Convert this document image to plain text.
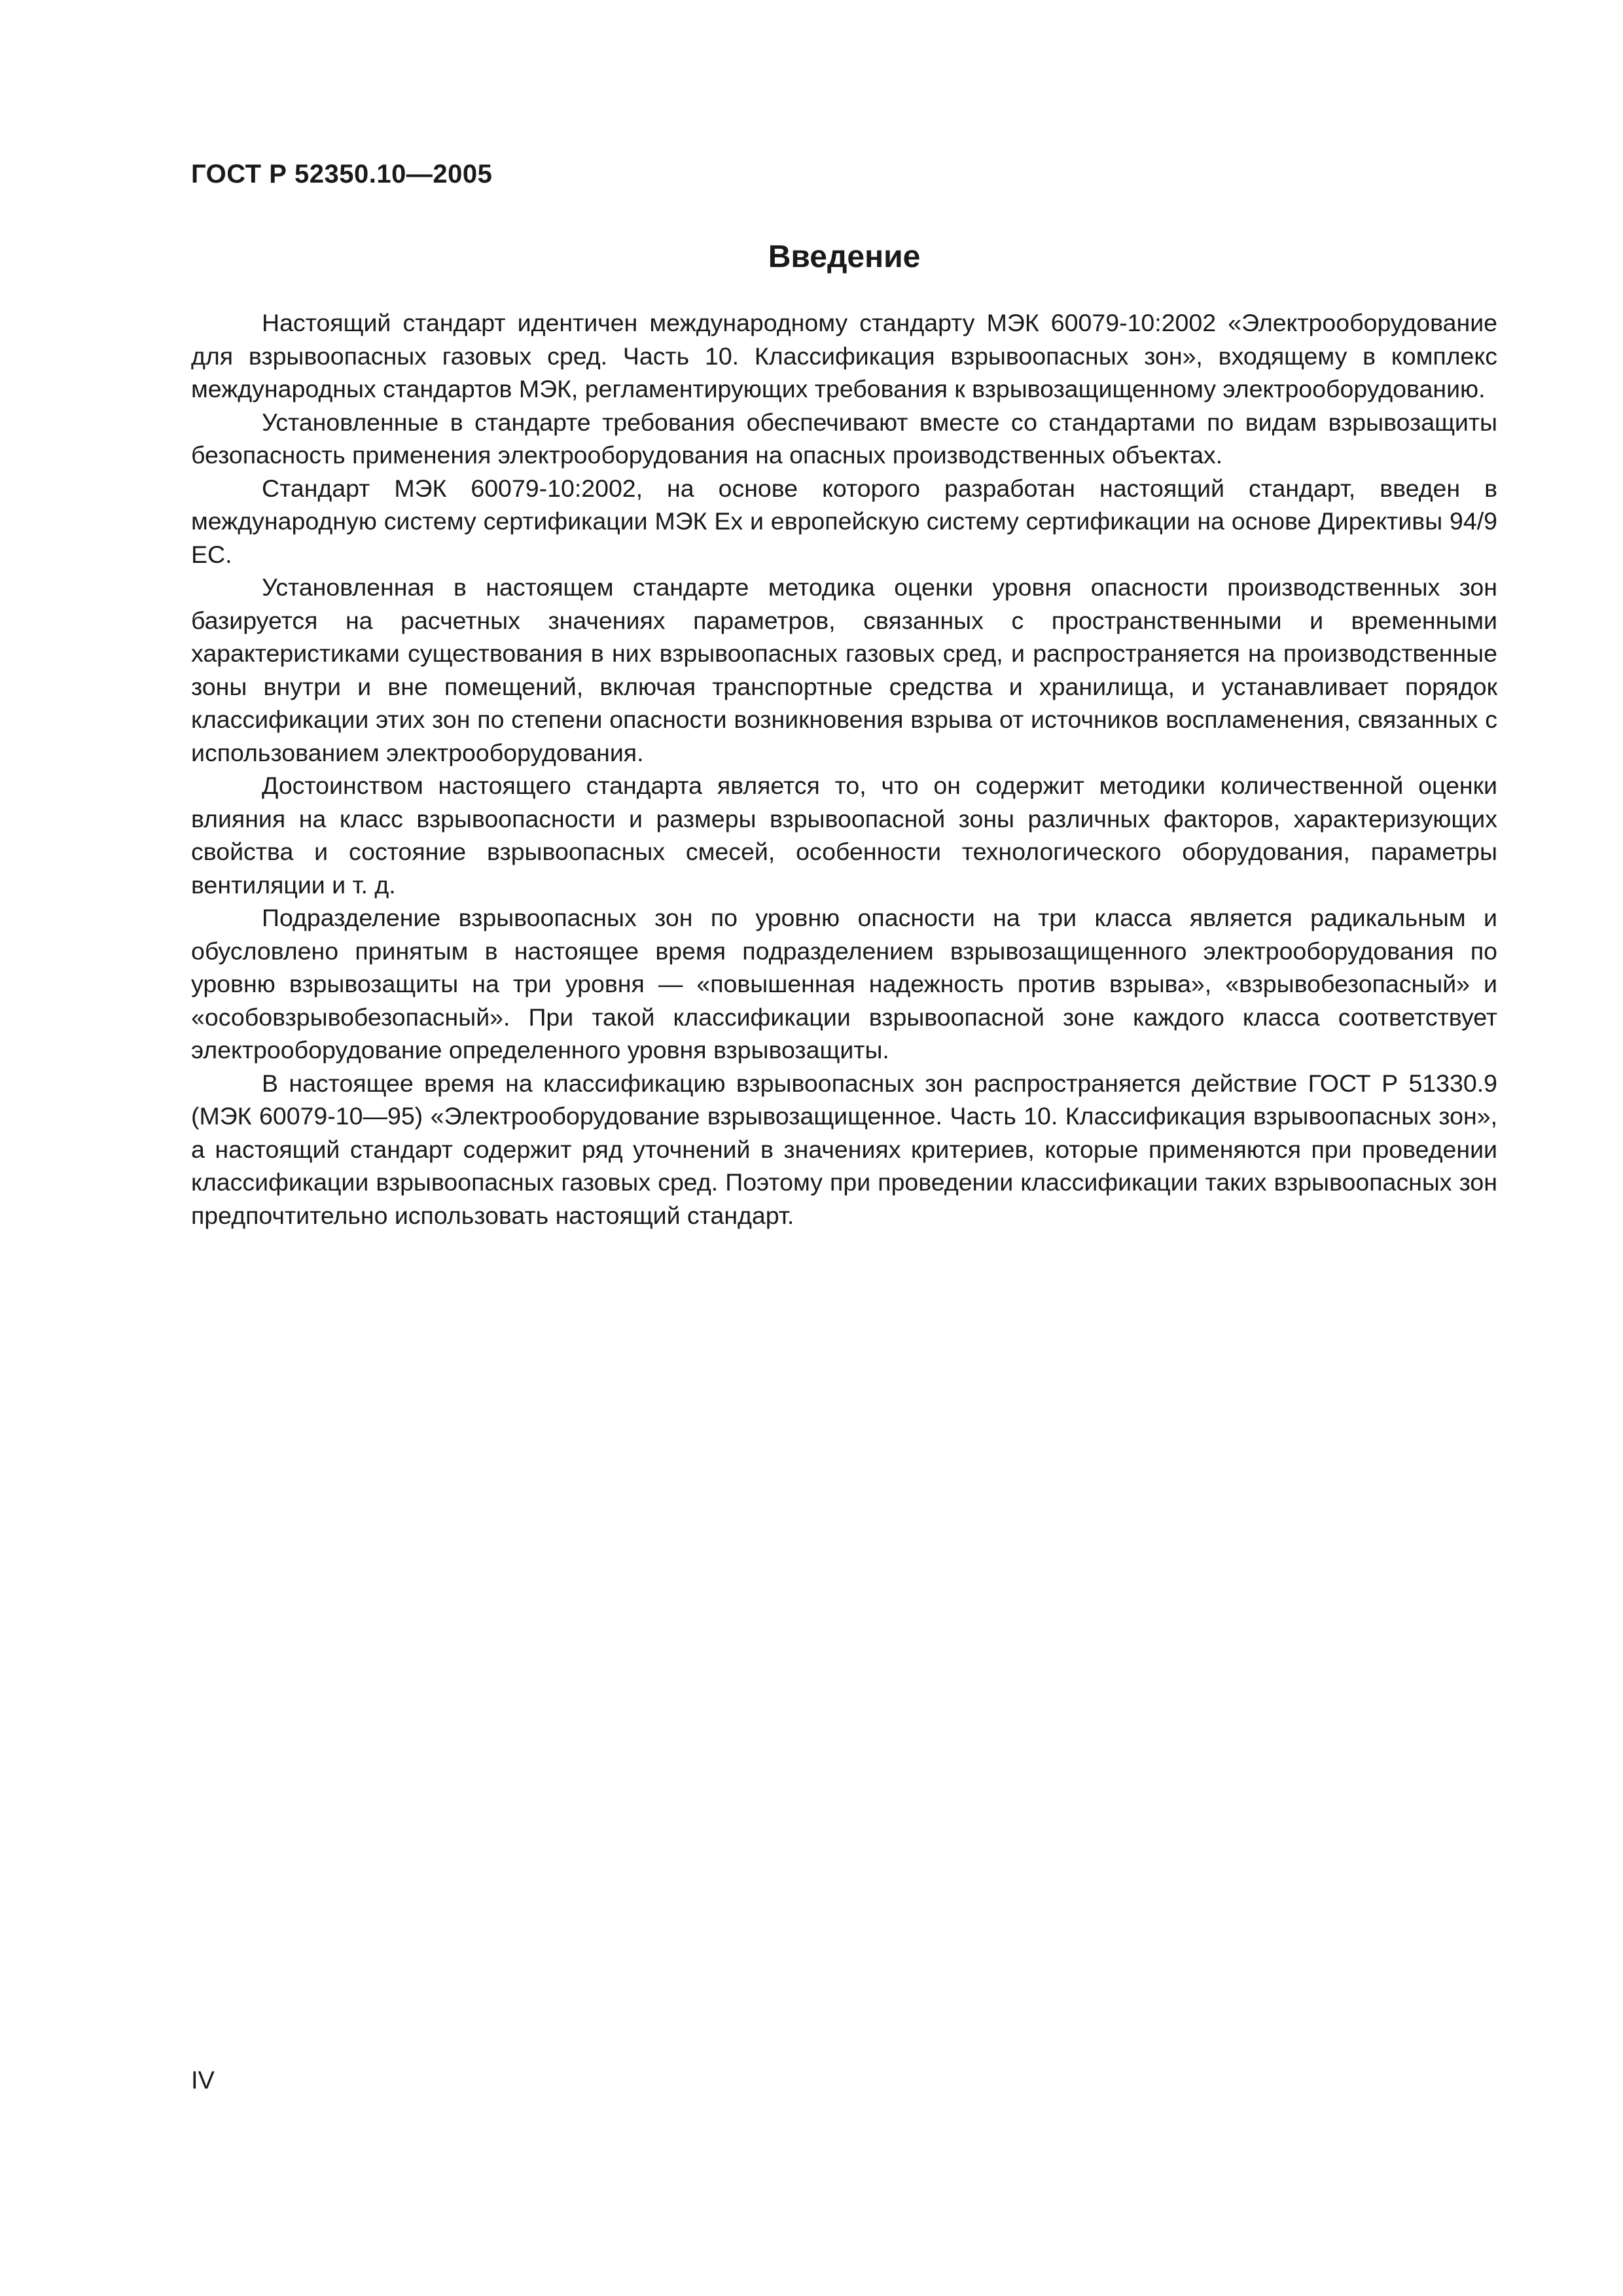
ГОСТ Р 52350.10—2005
Введение

Настоящий стандарт идентичен международному стандарту МЭК 60079-10:2002 «Электрооборудование для взрывоопасных газовых сред. Часть 10. Классификация взрывоопасных зон», входящему в комплекс международных стандартов МЭК, регламентирующих требования к взрывозащищенному электрооборудованию.

Установленные в стандарте требования обеспечивают вместе со стандартами по видам взрывозащиты безопасность применения электрооборудования на опасных производственных объектах.

Стандарт МЭК 60079-10:2002, на основе которого разработан настоящий стандарт, введен в международную систему сертификации МЭК Ex и европейскую систему сертификации на основе Директивы 94/9 ЕС.

Установленная в настоящем стандарте методика оценки уровня опасности производственных зон базируется на расчетных значениях параметров, связанных с пространственными и временными характеристиками существования в них взрывоопасных газовых сред, и распространяется на производственные зоны внутри и вне помещений, включая транспортные средства и хранилища, и устанавливает порядок классификации этих зон по степени опасности возникновения взрыва от источников воспламенения, связанных с использованием электрооборудования.

Достоинством настоящего стандарта является то, что он содержит методики количественной оценки влияния на класс взрывоопасности и размеры взрывоопасной зоны различных факторов, характеризующих свойства и состояние взрывоопасных смесей, особенности технологического оборудования, параметры вентиляции и т. д.

Подразделение взрывоопасных зон по уровню опасности на три класса является радикальным и обусловлено принятым в настоящее время подразделением взрывозащищенного электрооборудования по уровню взрывозащиты на три уровня — «повышенная надежность против взрыва», «взрывобезопасный» и «особовзрывобезопасный». При такой классификации взрывоопасной зоне каждого класса соответствует электрооборудование определенного уровня взрывозащиты.

В настоящее время на классификацию взрывоопасных зон распространяется действие ГОСТ Р 51330.9 (МЭК 60079-10—95) «Электрооборудование взрывозащищенное. Часть 10. Классификация взрывоопасных зон», а настоящий стандарт содержит ряд уточнений в значениях критериев, которые применяются при проведении классификации взрывоопасных газовых сред. Поэтому при проведении классификации таких взрывоопасных зон предпочтительно использовать настоящий стандарт.

IV
